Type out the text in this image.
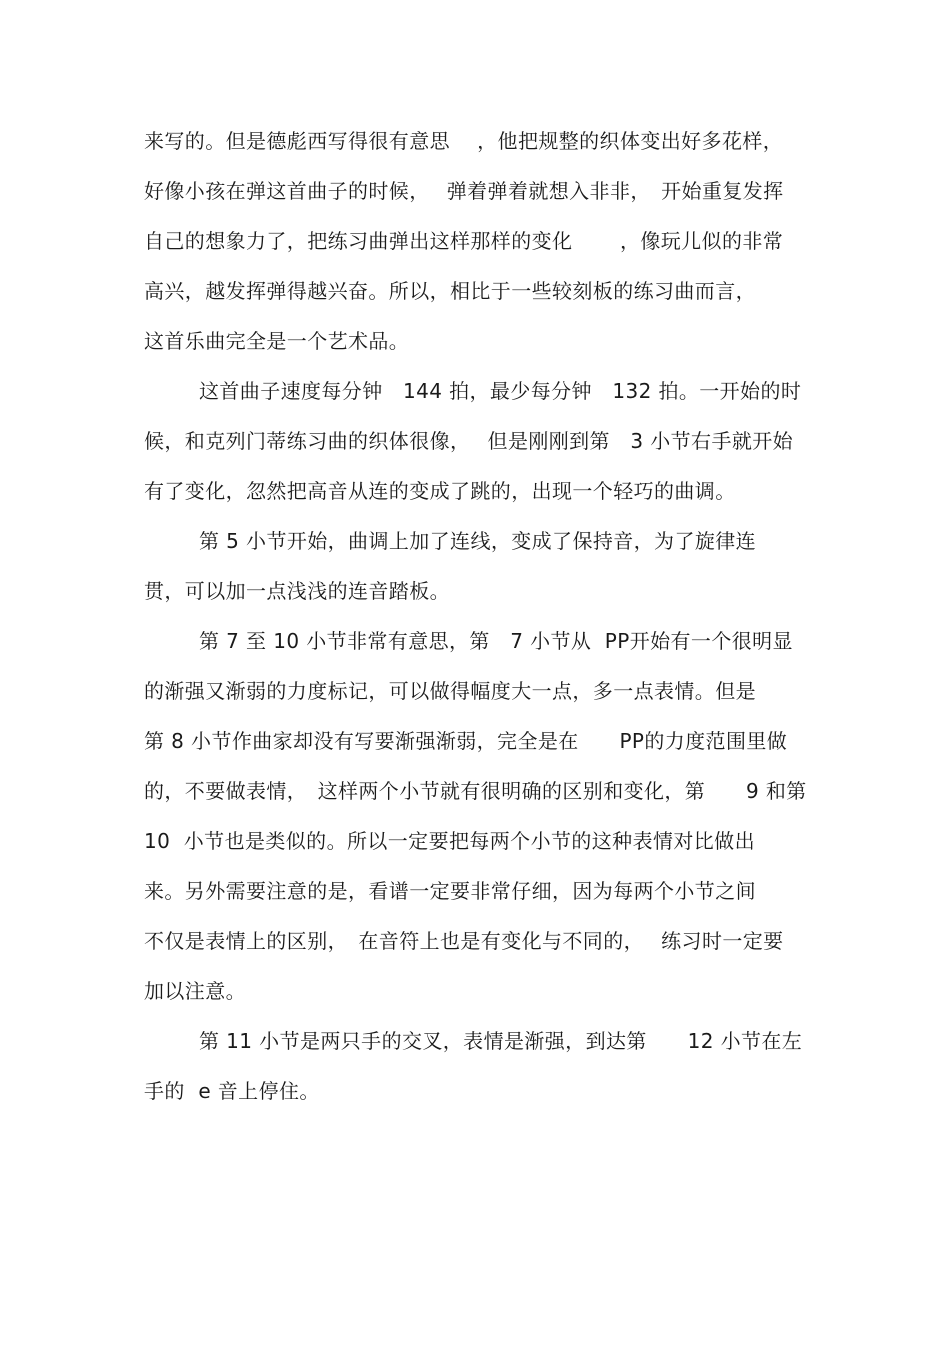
来写的。但是德彪西写得很有意思　 ，他把规整的织体变出好多花样，
好像小孩在弹这首曲子的时候，　 弹着弹着就想入非非，　开始重复发挥
自己的想象力了，把练习曲弹出这样那样的变化　　 ，像玩儿似的非常
高兴，越发挥弹得越兴奋。所以，相比于一些较刻板的练习曲而言，
这首乐曲完全是一个艺术品。
这首曲子速度每分钟　144 拍，最少每分钟　132 拍。一开始的时
候，和克列门蒂练习曲的织体很像，　 但是刚刚到第　3 小节右手就开始
有了变化，忽然把高音从连的变成了跳的，出现一个轻巧的曲调。
第 5 小节开始，曲调上加了连线，变成了保持音，为了旋律连
贯，可以加一点浅浅的连音踏板。
第 7 至 10 小节非常有意思，第　7 小节从  PP开始有一个很明显
的渐强又渐弱的力度标记，可以做得幅度大一点，多一点表情。但是
第 8 小节作曲家却没有写要渐强渐弱，完全是在　　PP的力度范围里做
的，不要做表情，　这样两个小节就有很明确的区别和变化，第　　9 和第
10  小节也是类似的。所以一定要把每两个小节的这种表情对比做出
来。另外需要注意的是，看谱一定要非常仔细，因为每两个小节之间
不仅是表情上的区别，　在音符上也是有变化与不同的，　 练习时一定要
加以注意。
第 11 小节是两只手的交叉，表情是渐强，到达第　　12 小节在左
手的  e 音上停住。
